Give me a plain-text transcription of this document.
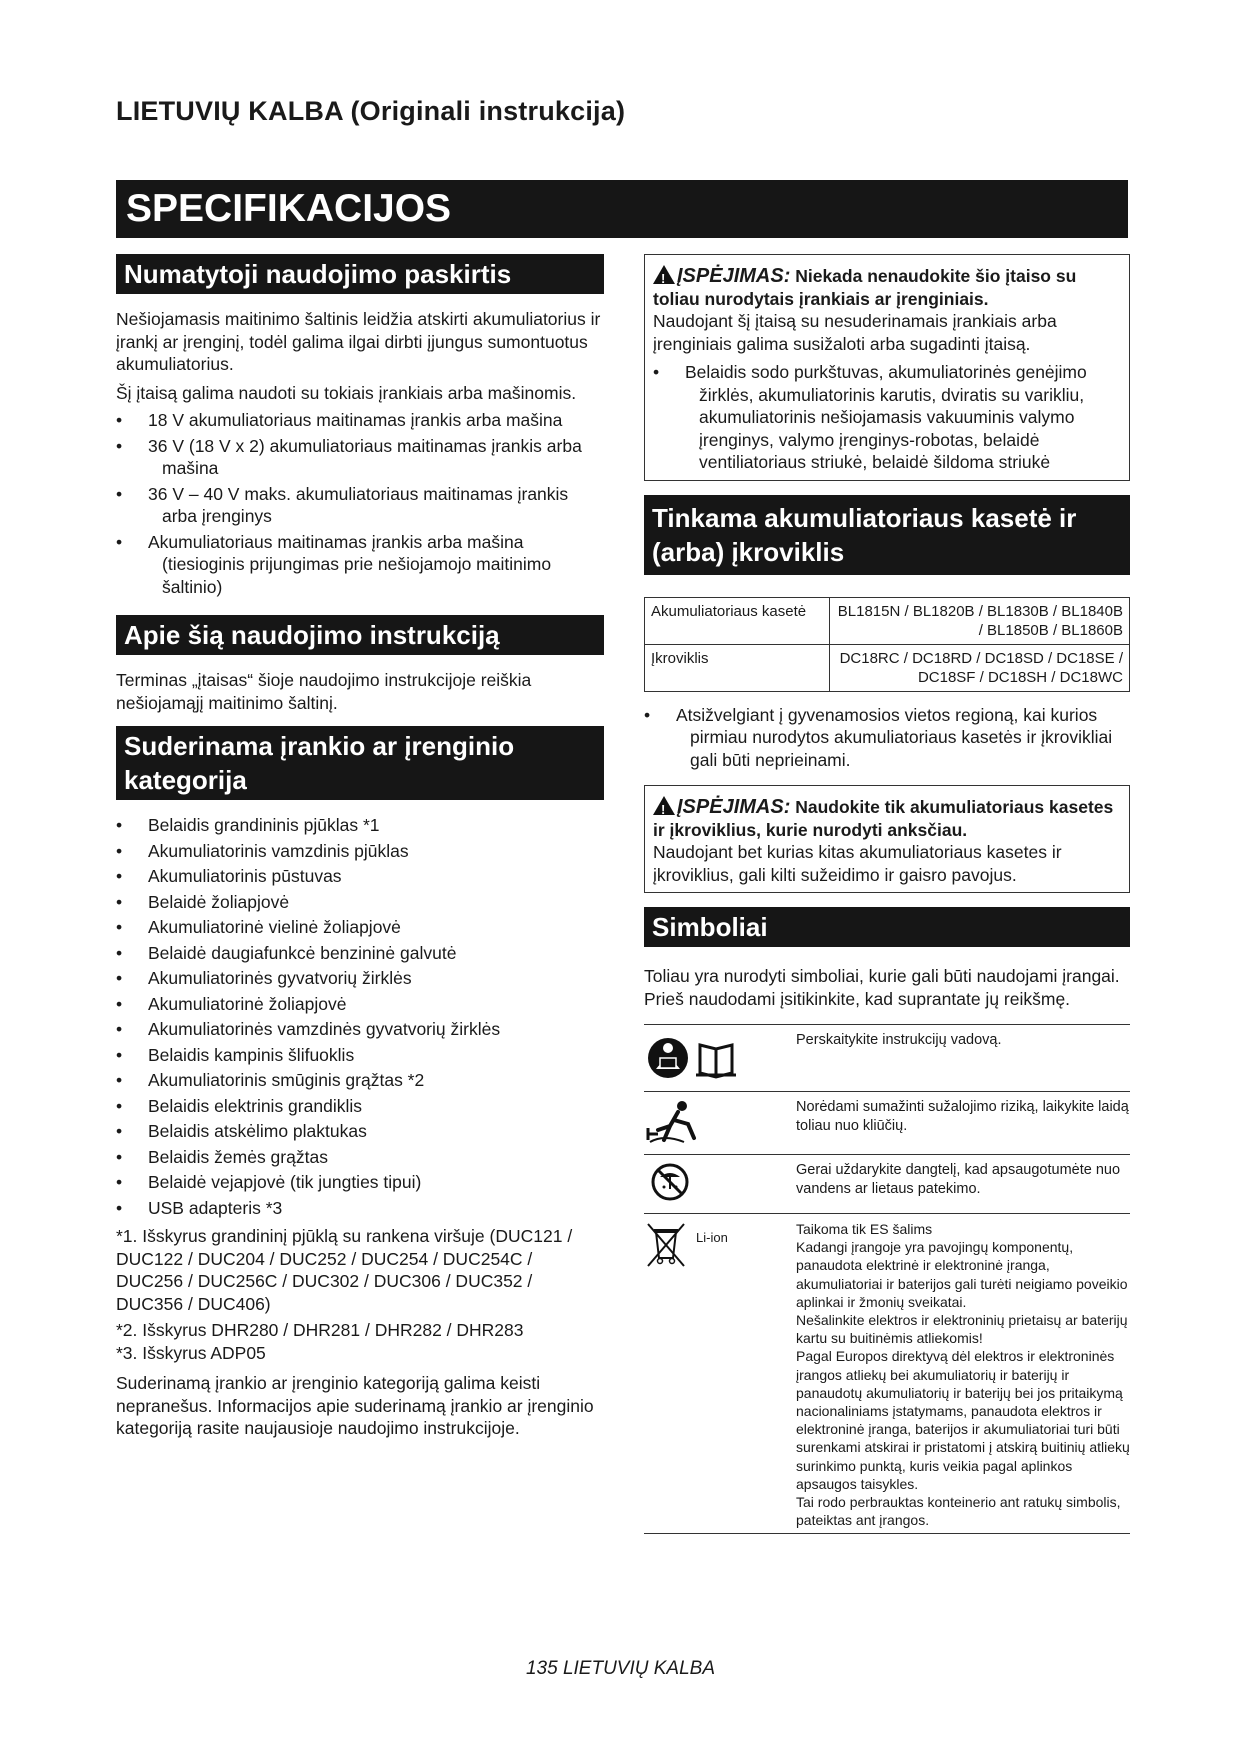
LIETUVIŲ KALBA (Originali instrukcija)
SPECIFIKACIJOS
Numatytoji naudojimo paskirtis

Nešiojamasis maitinimo šaltinis leidžia atskirti akumuliatorius ir įrankį ar įrenginį, todėl galima ilgai dirbti įjungus sumontuotus akumuliatorius.

Šį įtaisą galima naudoti su tokiais įrankiais arba mašinomis.

• 18 V akumuliatoriaus maitinamas įrankis arba mašina
• 36 V (18 V x 2) akumuliatoriaus maitinamas įrankis arba mašina
• 36 V – 40 V maks. akumuliatoriaus maitinamas įrankis arba įrenginys
• Akumuliatoriaus maitinamas įrankis arba mašina (tiesioginis prijungimas prie nešiojamojo maitinimo šaltinio)
Apie šią naudojimo instrukciją

Terminas „įtaisas“ šioje naudojimo instrukcijoje reiškia nešiojamąjį maitinimo šaltinį.

Suderinama įrankio ar įrenginio
kategorija
• Belaidis grandininis pjūklas *1
• Akumuliatorinis vamzdinis pjūklas
• Akumuliatorinis pūstuvas
• Belaidė žoliapjovė
• Akumuliatorinė vielinė žoliapjovė
• Belaidė daugiafunkcė benzininė galvutė
• Akumuliatorinės gyvatvorių žirklės
• Akumuliatorinė žoliapjovė
• Akumuliatorinės vamzdinės gyvatvorių žirklės
• Belaidis kampinis šlifuoklis
• Akumuliatorinis smūginis grąžtas *2
• Belaidis elektrinis grandiklis
• Belaidis atskėlimo plaktukas
• Belaidis žemės grąžtas
• Belaidė vejapjovė (tik jungties tipui)
• USB adapteris *3

*1. Išskyrus grandininį pjūklą su rankena viršuje (DUC121 / DUC122 / DUC204 / DUC252 / DUC254 / DUC254C / DUC256 / DUC256C / DUC302 / DUC306 / DUC352 / DUC356 / DUC406)

*2. Išskyrus DHR280 / DHR281 / DHR282 / DHR283

*3. Išskyrus ADP05

Suderinamą įrankio ar įrenginio kategoriją galima keisti nepranešus. Informacijos apie suderinamą įrankio ar įrenginio kategoriją rasite naujausioje naudojimo instrukcijoje.

!ĮSPĖJIMAS: Niekada nenaudokite šio įtaiso su toliau nurodytais įrankiais ar įrenginiais.

Naudojant šį įtaisą su nesuderinamais įrankiais arba įrenginiais galima susižaloti arba sugadinti įtaisą.

• Belaidis sodo purkštuvas, akumuliatorinės genėjimo žirklės, akumuliatorinis karutis, dviratis su varikliu, akumuliatorinis nešiojamasis vakuuminis valymo įrenginys, valymo įrenginys-robotas, belaidė ventiliatoriaus striukė, belaidė šildoma striukė
Tinkama akumuliatoriaus kasetė ir
(arba) įkroviklis
Akumuliatoriaus kasetė	BL1815N / BL1820B / BL1830B / BL1840B / BL1850B / BL1860B
Įkroviklis	DC18RC / DC18RD / DC18SD / DC18SE / DC18SF / DC18SH / DC18WC
• Atsižvelgiant į gyvenamosios vietos regioną, kai kurios pirmiau nurodytos akumuliatoriaus kasetės ir įkrovikliai gali būti neprieinami.
!ĮSPĖJIMAS: Naudokite tik akumuliatoriaus kasetes ir įkroviklius, kurie nurodyti anksčiau.

Naudojant bet kurias kitas akumuliatoriaus kasetes ir įkroviklius, gali kilti sužeidimo ir gaisro pavojus.

Simboliai

Toliau yra nurodyti simboliai, kurie gali būti naudojami įrangai. Prieš naudodami įsitikinkite, kad suprantate jų reikšmę.

	Perskaitykite instrukcijų vadovą.
	Norėdami sumažinti sužalojimo riziką, laikykite laidą toliau nuo kliūčių.
	Gerai uždarykite dangtelį, kad apsaugotumėte nuo vandens ar lietaus patekimo.
Li-ion	Taikoma tik ES šalims
Kadangi įrangoje yra pavojingų komponentų, panaudota elektrinė ir elektroninė įranga, akumuliatoriai ir baterijos gali turėti neigiamo poveikio aplinkai ir žmonių sveikatai.
Nešalinkite elektros ir elektroninių prietaisų ar baterijų kartu su buitinėmis atliekomis!
Pagal Europos direktyvą dėl elektros ir elektroninės įrangos atliekų bei akumuliatorių ir baterijų ir panaudotų akumuliatorių ir baterijų bei jos pritaikymą nacionaliniams įstatymams, panaudota elektros ir elektroninė įranga, baterijos ir akumuliatoriai turi būti surenkami atskirai ir pristatomi į atskirą buitinių atliekų surinkimo punktą, kuris veikia pagal aplinkos apsaugos taisykles.
Tai rodo perbrauktas konteinerio ant ratukų simbolis, pateiktas ant įrangos.
135 LIETUVIŲ KALBA
